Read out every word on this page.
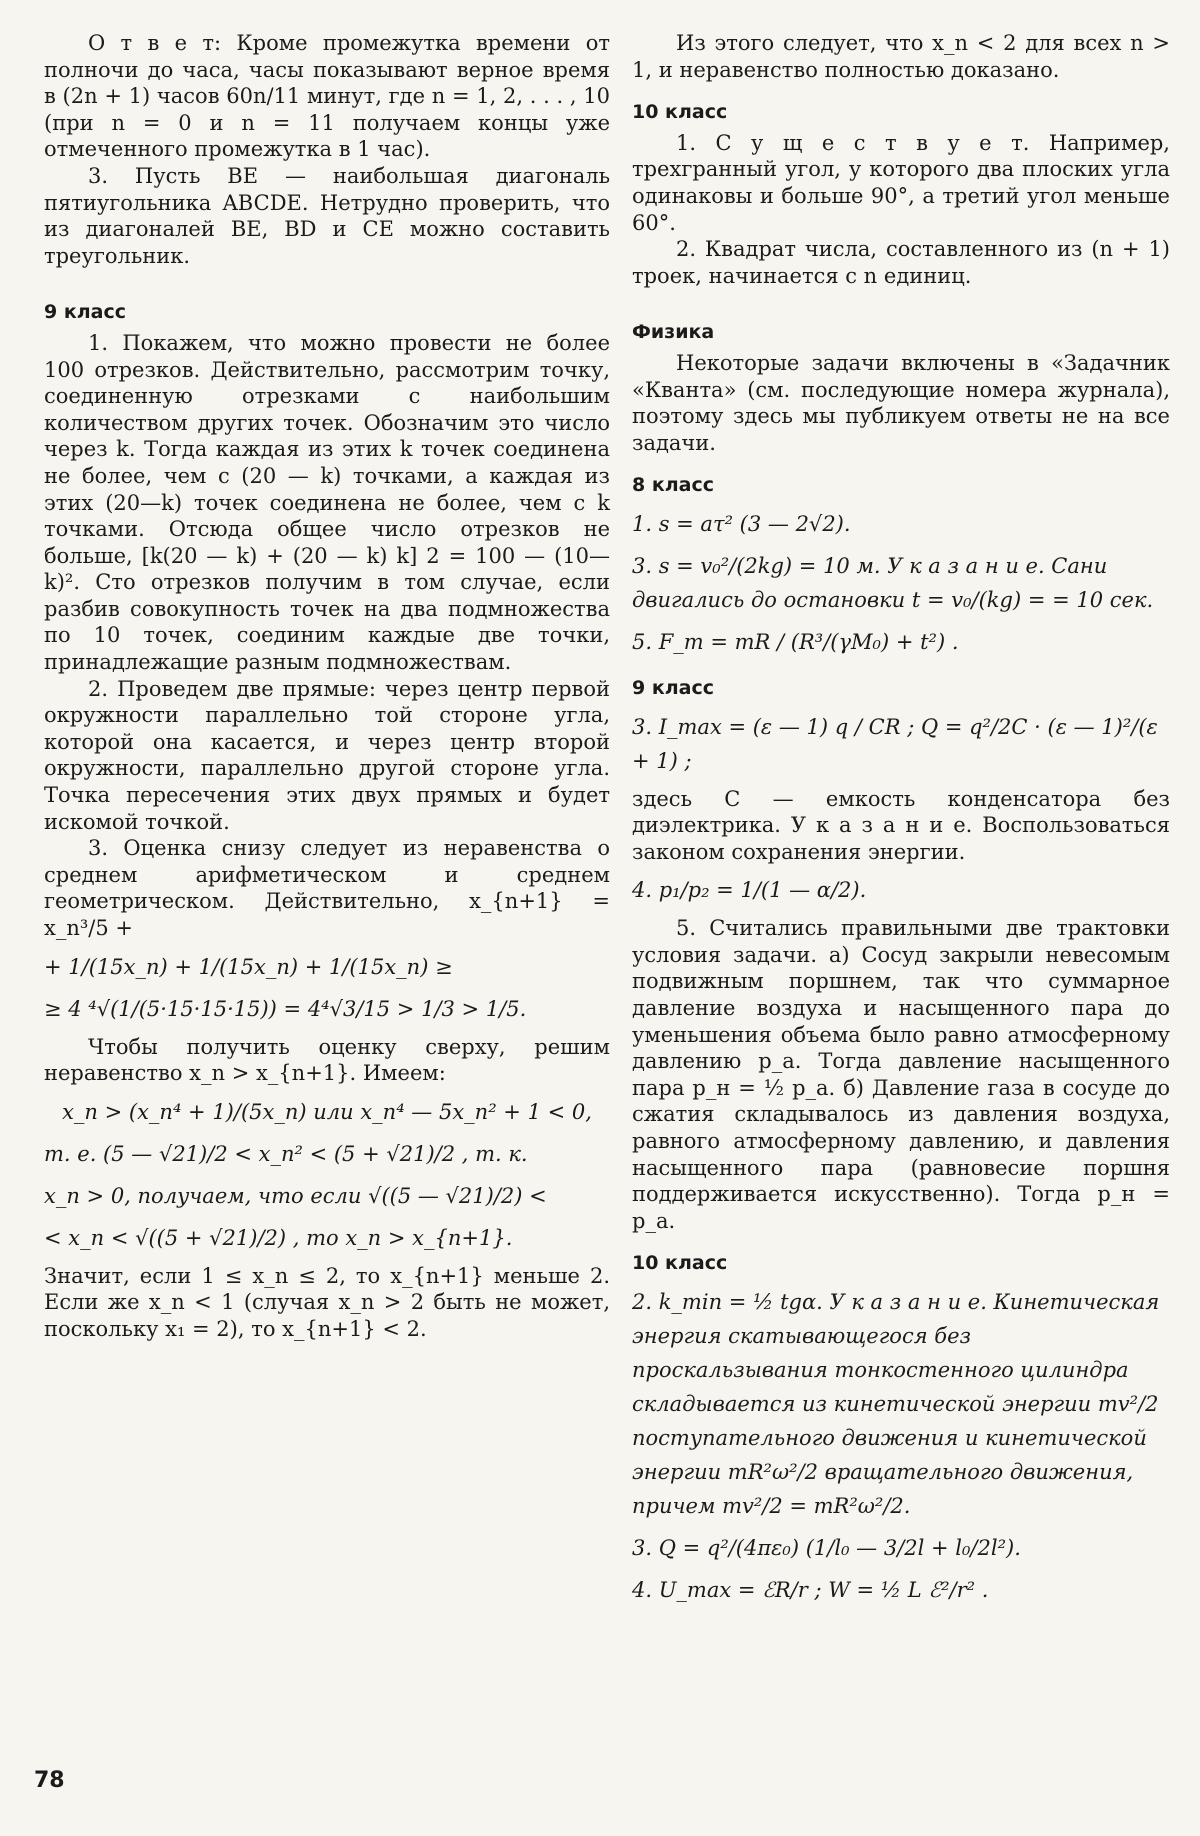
О т в е т: Кроме промежутка времени от полночи до часа, часы показывают верное время в (2n + 1) часов 60n/11 минут, где n = 1, 2, . . . , 10 (при n = 0 и n = 11 получаем концы уже отмеченного промежутка в 1 час).

3. Пусть BE — наибольшая диагональ пятиугольника ABCDE. Нетрудно проверить, что из диагоналей BE, BD и CE можно составить треугольник.

9 класс

1. Покажем, что можно провести не более 100 отрезков. Действительно, рассмотрим точку, соединенную отрезками с наибольшим количеством других точек. Обозначим это число через k. Тогда каждая из этих k точек соединена не более, чем с (20 — k) точками, а каждая из этих (20—k) точек соединена не более, чем с k точками. Отсюда общее число отрезков не больше, [k(20 — k) + (20 — k) k] 2 = 100 — (10—k)². Сто отрезков получим в том случае, если разбив совокупность точек на два подмножества по 10 точек, соединим каждые две точки, принадлежащие разным подмножествам.

2. Проведем две прямые: через центр первой окружности параллельно той стороне угла, которой она касается, и через центр второй окружности, параллельно другой стороне угла. Точка пересечения этих двух прямых и будет искомой точкой.

3. Оценка снизу следует из неравенства о среднем арифметическом и среднем геометрическом. Действительно, x_{n+1} = x_n³/5 +

+ 1/(15x_n) + 1/(15x_n) + 1/(15x_n) ≥

≥ 4 ⁴√(1/(5·15·15·15)) = 4⁴√3/15 > 1/3 > 1/5.

Чтобы получить оценку сверху, решим неравенство x_n > x_{n+1}. Имеем:

x_n > (x_n⁴ + 1)/(5x_n) или x_n⁴ — 5x_n² + 1 < 0,

т. е. (5 — √21)/2 < x_n² < (5 + √21)/2 , т. к.

x_n > 0, получаем, что если √((5 — √21)/2) <

< x_n < √((5 + √21)/2) , то x_n > x_{n+1}.

Значит, если 1 ≤ x_n ≤ 2, то x_{n+1} меньше 2. Если же x_n < 1 (случая x_n > 2 быть не может, поскольку x₁ = 2), то x_{n+1} < 2.

Из этого следует, что x_n < 2 для всех n > 1, и неравенство полностью доказано.

10 класс

1. С у щ е с т в у е т. Например, трехгранный угол, у которого два плоских угла одинаковы и больше 90°, а третий угол меньше 60°.

2. Квадрат числа, составленного из (n + 1) троек, начинается с n единиц.

Физика

Некоторые задачи включены в «Задачник «Кванта» (см. последующие номера журнала), поэтому здесь мы публикуем ответы не на все задачи.

8 класс

1. s = aτ² (3 — 2√2).

3. s = v₀²/(2kg) = 10 м. У к а з а н и е. Сани двигались до остановки t = v₀/(kg) = = 10 сек.

5. F_т = mR / (R³/(γM₀) + t²) .

9 класс

3. I_max = (ε — 1) q / CR ; Q = q²/2C · (ε — 1)²/(ε + 1) ;

здесь C — емкость конденсатора без диэлектрика. У к а з а н и е. Воспользоваться законом сохранения энергии.

4. p₁/p₂ = 1/(1 — α/2).

5. Считались правильными две трактовки условия задачи. а) Сосуд закрыли невесомым подвижным поршнем, так что суммарное давление воздуха и насыщенного пара до уменьшения объема было равно атмосферному давлению p_a. Тогда давление насыщенного пара p_н = ½ p_a. б) Давление газа в сосуде до сжатия складывалось из давления воздуха, равного атмосферному давлению, и давления насыщенного пара (равновесие поршня поддерживается искусственно). Тогда p_н = p_a.

10 класс

2. k_min = ½ tgα. У к а з а н и е. Кинетическая энергия скатывающегося без проскальзывания тонкостенного цилиндра складывается из кинетической энергии mv²/2 поступательного движения и кинетической энергии mR²ω²/2 вращательного движения, причем mv²/2 = mR²ω²/2.

3. Q = q²/(4πε₀) (1/l₀ — 3/2l + l₀/2l²).

4. U_max = ℰR/r ; W = ½ L ℰ²/r² .

78
